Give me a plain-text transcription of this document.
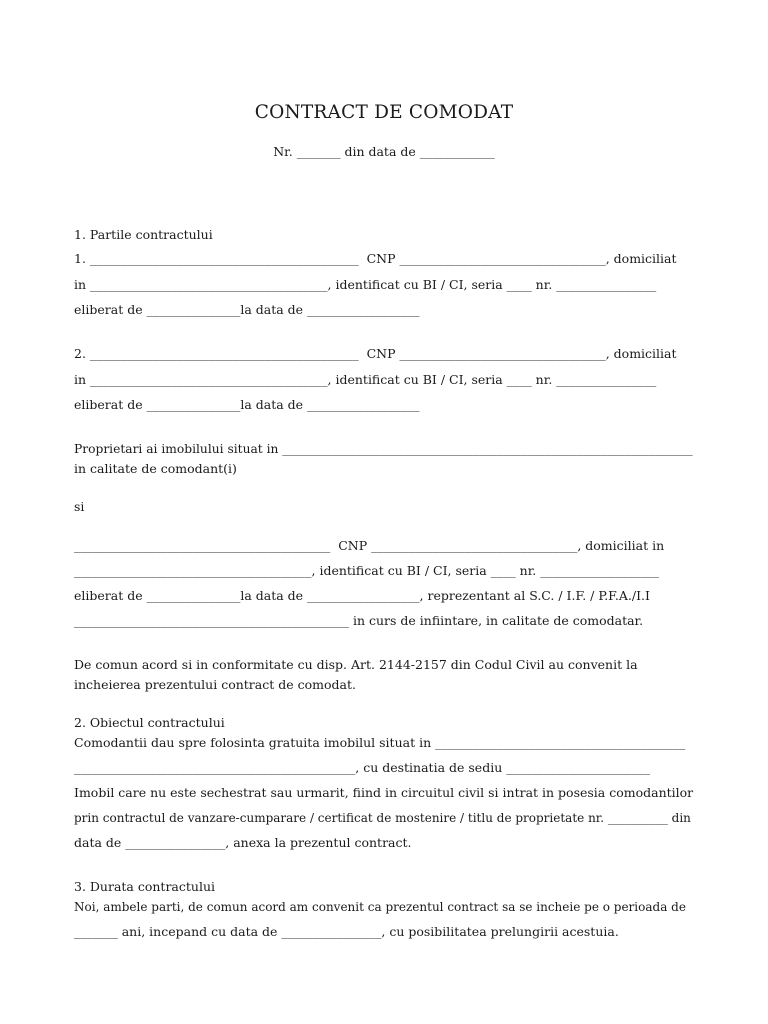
CONTRACT DE COMODAT
Nr. _______ din data de ____________
1. Partile contractului
1. ___________________________________________  CNP _________________________________, domiciliat
in ______________________________________, identificat cu BI / CI, seria ____ nr. ________________
eliberat de _______________la data de __________________
2. ___________________________________________  CNP _________________________________, domiciliat
in ______________________________________, identificat cu BI / CI, seria ____ nr. ________________
eliberat de _______________la data de __________________
Proprietari ai imobilului situat in ___________________________________________________________________
in calitate de comodant(i)
si
_________________________________________  CNP _________________________________, domiciliat in
______________________________________, identificat cu BI / CI, seria ____ nr. ___________________
eliberat de _______________la data de __________________, reprezentant al S.C. / I.F. / P.F.A./I.I
____________________________________________ in curs de infiintare, in calitate de comodatar.
De comun acord si in conformitate cu disp. Art. 2144-2157 din Codul Civil au convenit la
incheierea prezentului contract de comodat.
2. Obiectul contractului
Comodantii dau spre folosinta gratuita imobilul situat in ________________________________________
_____________________________________________, cu destinatia de sediu _______________________
Imobil care nu este sechestrat sau urmarit, fiind in circuitul civil si intrat in posesia comodantilor
prin contractul de vanzare-cumparare / certificat de mostenire / titlu de proprietate nr. __________ din
data de ________________, anexa la prezentul contract.
3. Durata contractului
Noi, ambele parti, de comun acord am convenit ca prezentul contract sa se incheie pe o perioada de
_______ ani, incepand cu data de ________________, cu posibilitatea prelungirii acestuia.
